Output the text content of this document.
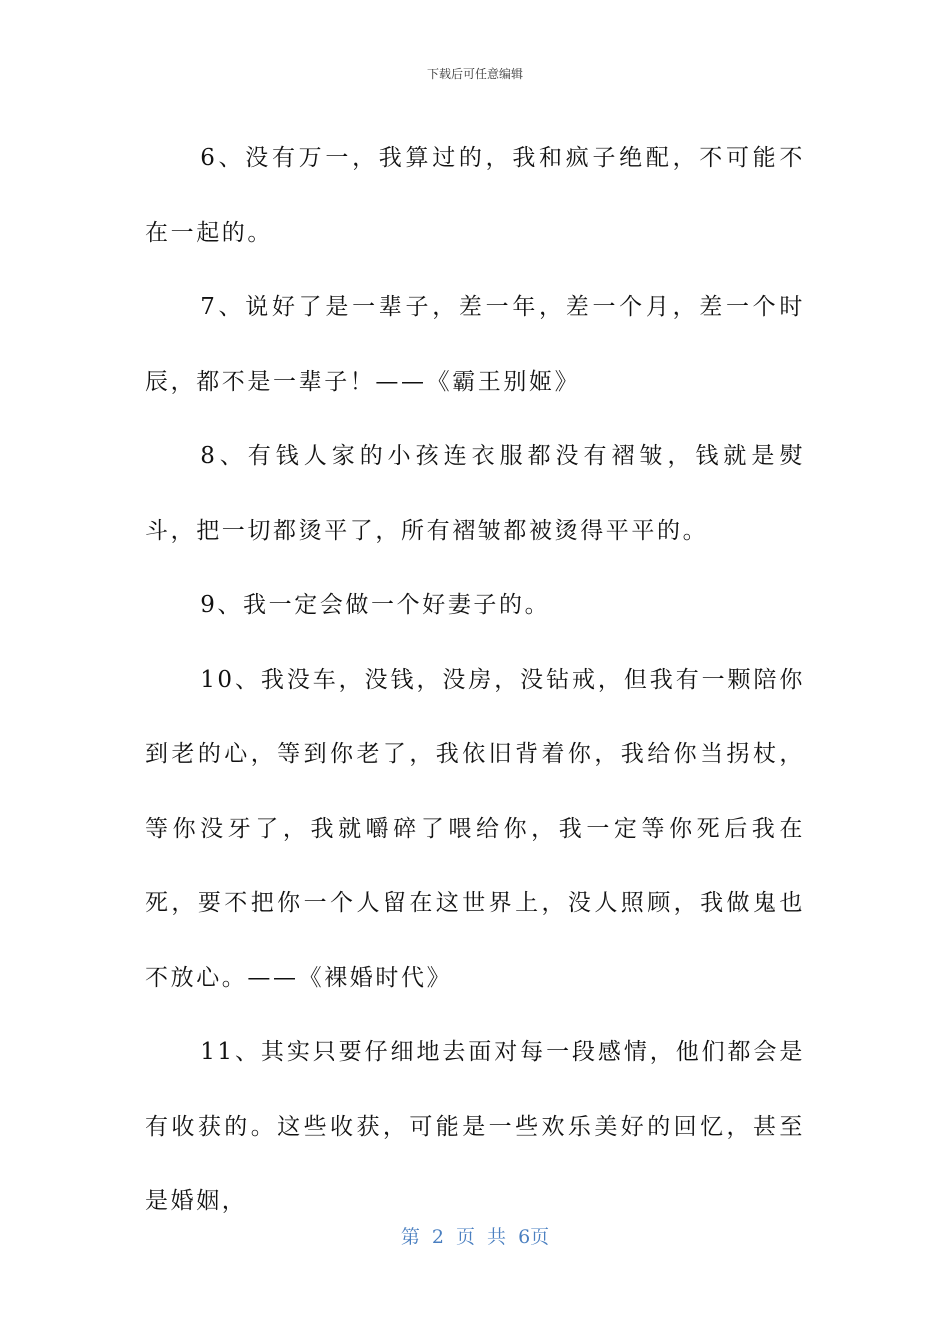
下载后可任意编辑

6、没有万一，我算过的，我和疯子绝配，不可能不在一起的。

7、说好了是一辈子，差一年，差一个月，差一个时辰，都不是一辈子！——《霸王别姬》

8、有钱人家的小孩连衣服都没有褶皱，钱就是熨斗，把一切都烫平了，所有褶皱都被烫得平平的。

9、我一定会做一个好妻子的。

10、我没车，没钱，没房，没钻戒，但我有一颗陪你到老的心，等到你老了，我依旧背着你，我给你当拐杖，等你没牙了，我就嚼碎了喂给你，我一定等你死后我在死，要不把你一个人留在这世界上，没人照顾，我做鬼也不放心。——《裸婚时代》

11、其实只要仔细地去面对每一段感情，他们都会是有收获的。这些收获，可能是一些欢乐美好的回忆，甚至是婚姻，

第 2 页 共 6页
